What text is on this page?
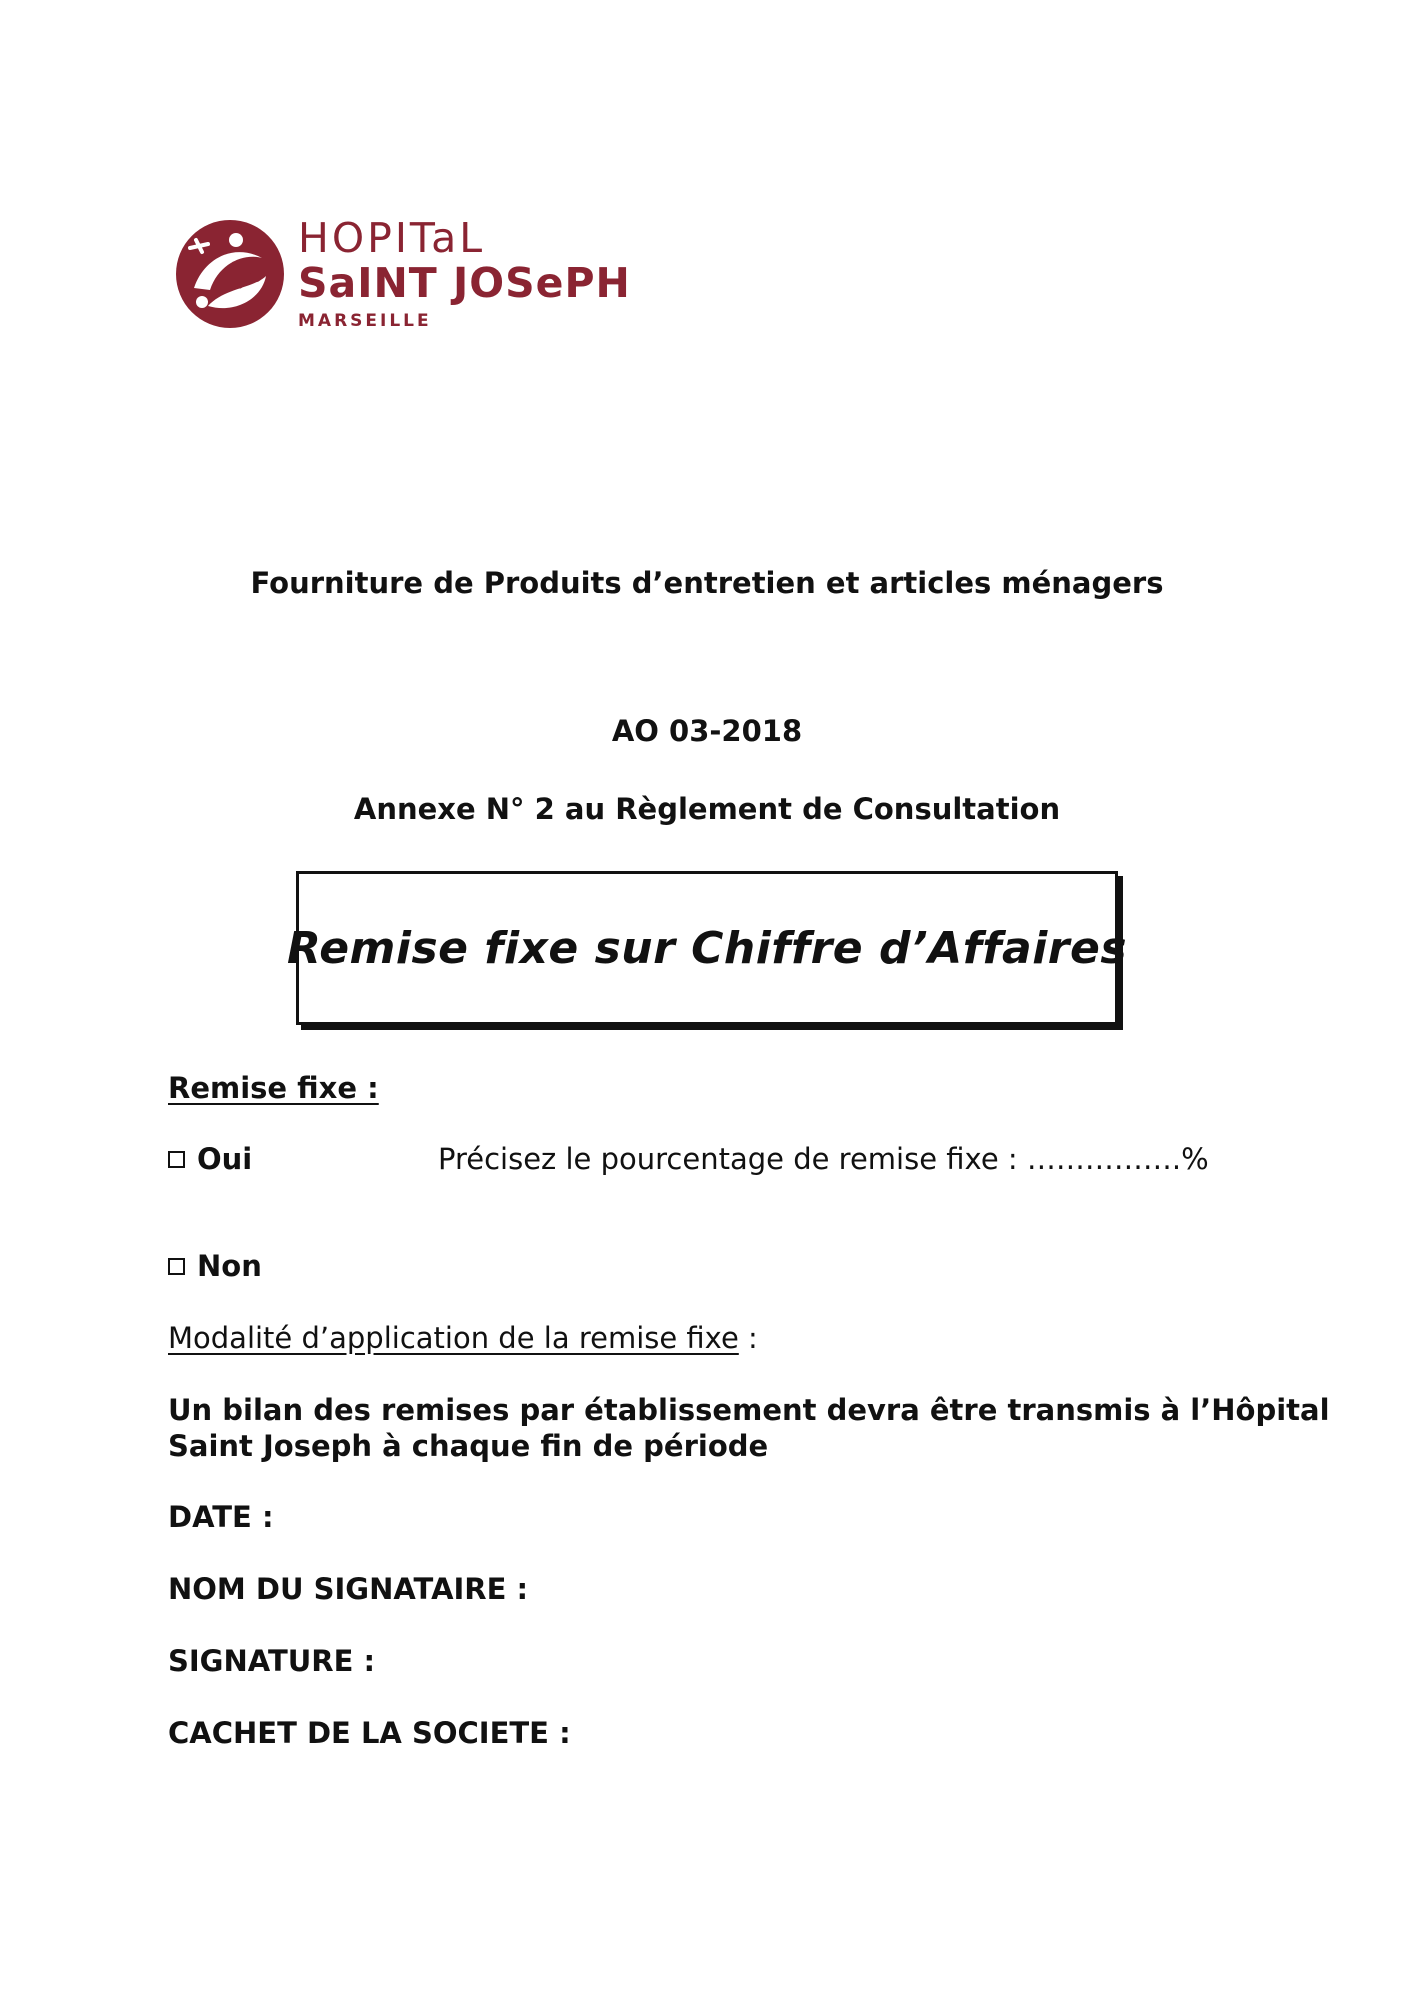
HOPITaL
SaINT JOSePH
MARSEILLE
Fourniture de Produits d’entretien et articles ménagers
AO 03-2018
Annexe N° 2 au Règlement de Consultation
Remise fixe sur Chiffre d’Affaires
Remise fixe :
Oui	Précisez le pourcentage de remise fixe : …………….%
Non
Modalité d’application de la remise fixe :
Un bilan des remises par établissement devra être transmis à l’Hôpital
Saint Joseph à chaque fin de période
DATE :
NOM DU SIGNATAIRE :
SIGNATURE :
CACHET DE LA SOCIETE :
